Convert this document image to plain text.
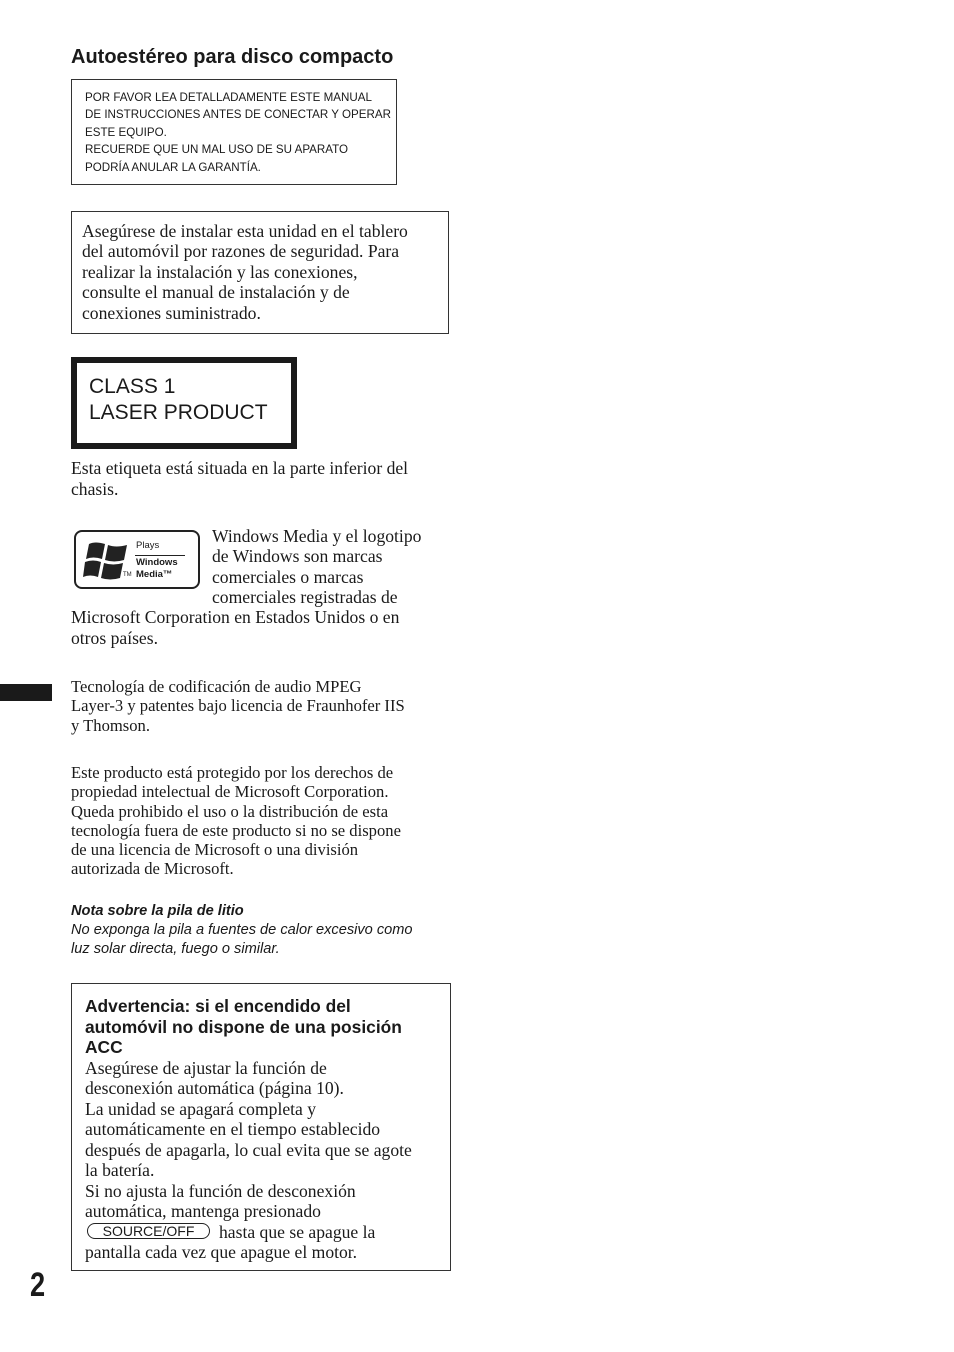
Autoestéreo para disco compacto
POR FAVOR LEA DETALLADAMENTE ESTE MANUAL
DE INSTRUCCIONES ANTES DE CONECTAR Y OPERAR
ESTE EQUIPO.
RECUERDE QUE UN MAL USO DE SU APARATO
PODRÍA ANULAR LA GARANTÍA.
Asegúrese de instalar esta unidad en el tablero
del automóvil por razones de seguridad. Para
realizar la instalación y las conexiones,
consulte el manual de instalación y de
conexiones suministrado.
CLASS 1
LASER PRODUCT
Esta etiqueta está situada en la parte inferior del
chasis.
Plays
Windows
Media™
TM
Windows Media y el logotipo
de Windows son marcas
comerciales o marcas
comerciales registradas de
Microsoft Corporation en Estados Unidos o en
otros países.
Tecnología de codificación de audio MPEG
Layer-3 y patentes bajo licencia de Fraunhofer IIS
y Thomson.
Este producto está protegido por los derechos de
propiedad intelectual de Microsoft Corporation.
Queda prohibido el uso o la distribución de esta
tecnología fuera de este producto si no se dispone
de una licencia de Microsoft o una división
autorizada de Microsoft.
Nota sobre la pila de litio
No exponga la pila a fuentes de calor excesivo como
luz solar directa, fuego o similar.
Advertencia: si el encendido del
automóvil no dispone de una posición
ACC
Asegúrese de ajustar la función de
desconexión automática (página 10).
La unidad se apagará completa y
automáticamente en el tiempo establecido
después de apagarla, lo cual evita que se agote
la batería.
Si no ajusta la función de desconexión
automática, mantenga presionado
SOURCE/OFF	hasta que se apague la
pantalla cada vez que apague el motor.
2
